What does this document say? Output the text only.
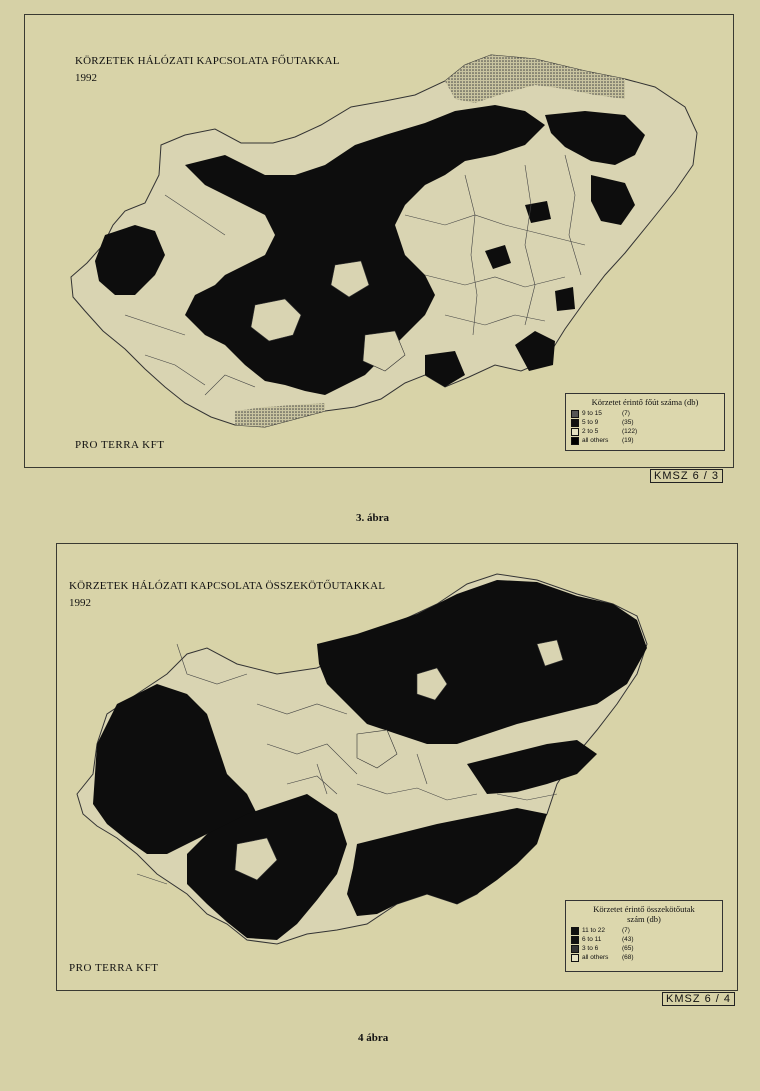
KÖRZETEK HÁLÓZATI KAPCSOLATA FŐUTAKKAL
1992
PRO TERRA KFT
Körzetet érintő főút száma (db)
9 to 15	(7)
5 to 9	(35)
2 to 5	(122)
all others	(19)
KMSZ 6 / 3
3. ábra
KÖRZETEK HÁLÓZATI KAPCSOLATA ÖSSZEKÖTŐUTAKKAL
1992
PRO TERRA KFT
Körzetet érintő összekötőutak
szám (db)
11 to 22	(7)
6 to 11	(43)
3 to 6	(65)
all others	(68)
KMSZ 6 / 4
4 ábra
